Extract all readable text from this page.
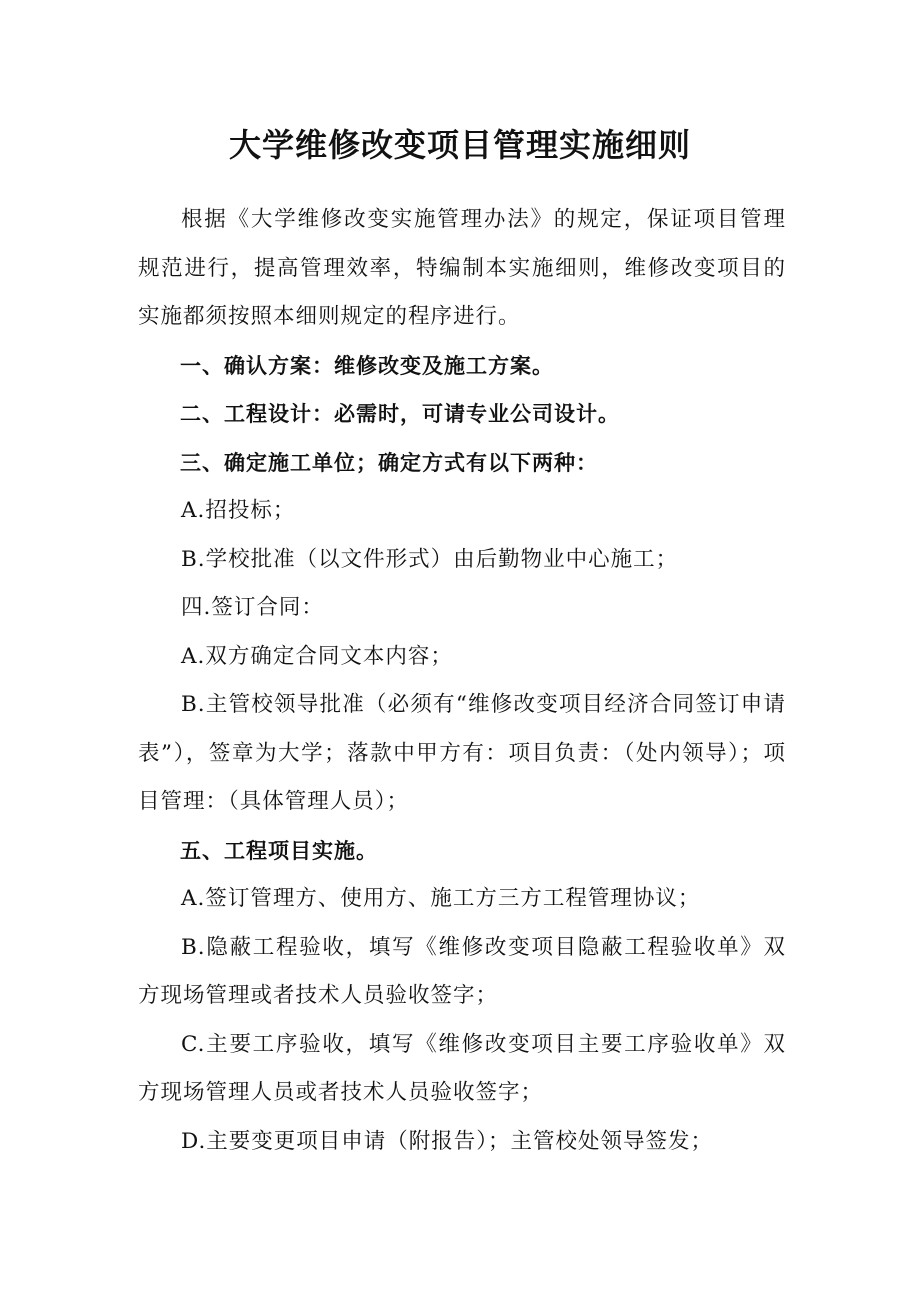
大学维修改变项目管理实施细则

根据《大学维修改变实施管理办法》的规定，保证项目管理规范进行，提高管理效率，特编制本实施细则，维修改变项目的实施都须按照本细则规定的程序进行。

一、确认方案：维修改变及施工方案。

二、工程设计：必需时，可请专业公司设计。

三、确定施工单位；确定方式有以下两种：

A.招投标；

B.学校批准（以文件形式）由后勤物业中心施工；

四.签订合同：

A.双方确定合同文本内容；

B.主管校领导批准（必须有“维修改变项目经济合同签订申请表”），签章为大学；落款中甲方有：项目负责：（处内领导）；项目管理：（具体管理人员）；

五、工程项目实施。

A.签订管理方、使用方、施工方三方工程管理协议；

B.隐蔽工程验收，填写《维修改变项目隐蔽工程验收单》双方现场管理或者技术人员验收签字；

C.主要工序验收，填写《维修改变项目主要工序验收单》双方现场管理人员或者技术人员验收签字；

D.主要变更项目申请（附报告）；主管校处领导签发；
